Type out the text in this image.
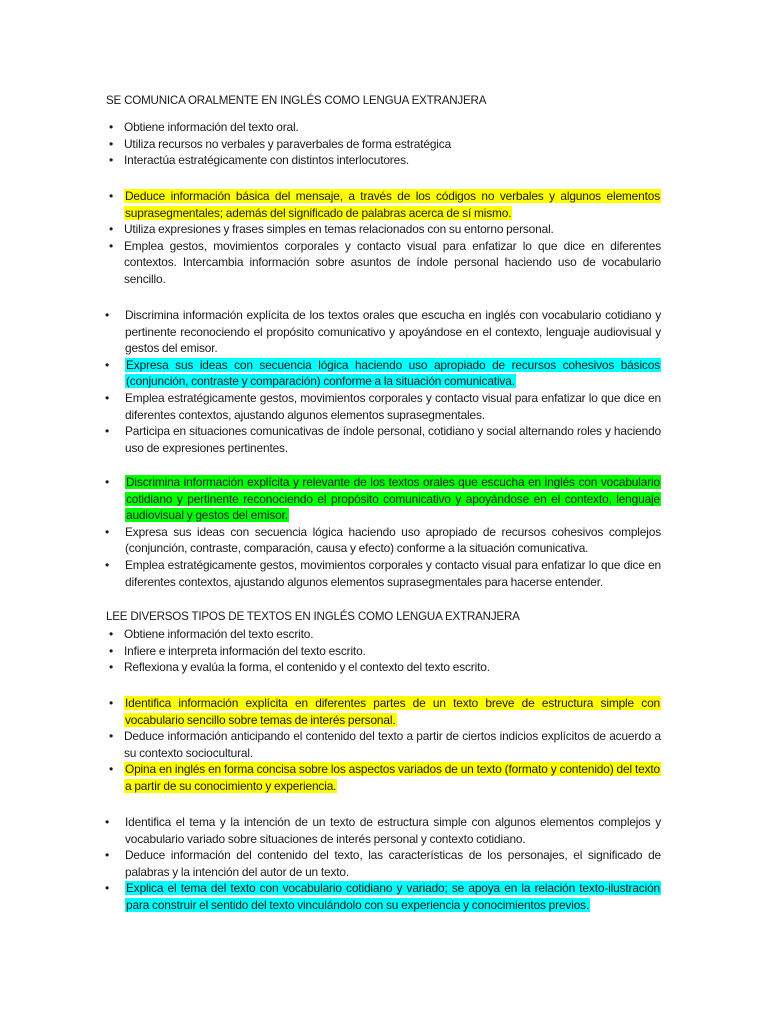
SE COMUNICA ORALMENTE EN INGLÉS COMO LENGUA EXTRANJERA
• Obtiene información del texto oral.
• Utiliza recursos no verbales y paraverbales de forma estratégica
• Interactúa estratégicamente con distintos interlocutores.
• Deduce información básica del mensaje, a través de los códigos no verbales y algunos elementos suprasegmentales; además del significado de palabras acerca de sí mismo.
• Utiliza expresiones y frases simples en temas relacionados con su entorno personal.
• Emplea gestos, movimientos corporales y contacto visual para enfatizar lo que dice en diferentes contextos. Intercambia información sobre asuntos de índole personal haciendo uso de vocabulario sencillo.
• Discrimina información explícita de los textos orales que escucha en inglés con vocabulario cotidiano y pertinente reconociendo el propósito comunicativo y apoyándose en el contexto, lenguaje audiovisual y gestos del emisor.
• Expresa sus ideas con secuencia lógica haciendo uso apropiado de recursos cohesivos básicos (conjunción, contraste y comparación) conforme a la situación comunicativa.
• Emplea estratégicamente gestos, movimientos corporales y contacto visual para enfatizar lo que dice en diferentes contextos, ajustando algunos elementos suprasegmentales.
• Participa en situaciones comunicativas de índole personal, cotidiano y social alternando roles y haciendo uso de expresiones pertinentes.
• Discrimina información explícita y relevante de los textos orales que escucha en inglés con vocabulario cotidiano y pertinente reconociendo el propósito comunicativo y apoyándose en el contexto, lenguaje audiovisual y gestos del emisor.
• Expresa sus ideas con secuencia lógica haciendo uso apropiado de recursos cohesivos complejos (conjunción, contraste, comparación, causa y efecto) conforme a la situación comunicativa.
• Emplea estratégicamente gestos, movimientos corporales y contacto visual para enfatizar lo que dice en diferentes contextos, ajustando algunos elementos suprasegmentales para hacerse entender.
LEE DIVERSOS TIPOS DE TEXTOS EN INGLÉS COMO LENGUA EXTRANJERA
• Obtiene información del texto escrito.
• Infiere e interpreta información del texto escrito.
• Reflexiona y evalúa la forma, el contenido y el contexto del texto escrito.
• Identifica información explícita en diferentes partes de un texto breve de estructura simple con vocabulario sencillo sobre temas de interés personal.
• Deduce información anticipando el contenido del texto a partir de ciertos indicios explícitos de acuerdo a su contexto sociocultural.
• Opina en inglés en forma concisa sobre los aspectos variados de un texto (formato y contenido) del texto a partir de su conocimiento y experiencia.
• Identifica el tema y la intención de un texto de estructura simple con algunos elementos complejos y vocabulario variado sobre situaciones de interés personal y contexto cotidiano.
• Deduce información del contenido del texto, las características de los personajes, el significado de palabras y la intención del autor de un texto.
• Explica el tema del texto con vocabulario cotidiano y variado; se apoya en la relación texto-ilustración para construir el sentido del texto vinculándolo con su experiencia y conocimientos previos.
